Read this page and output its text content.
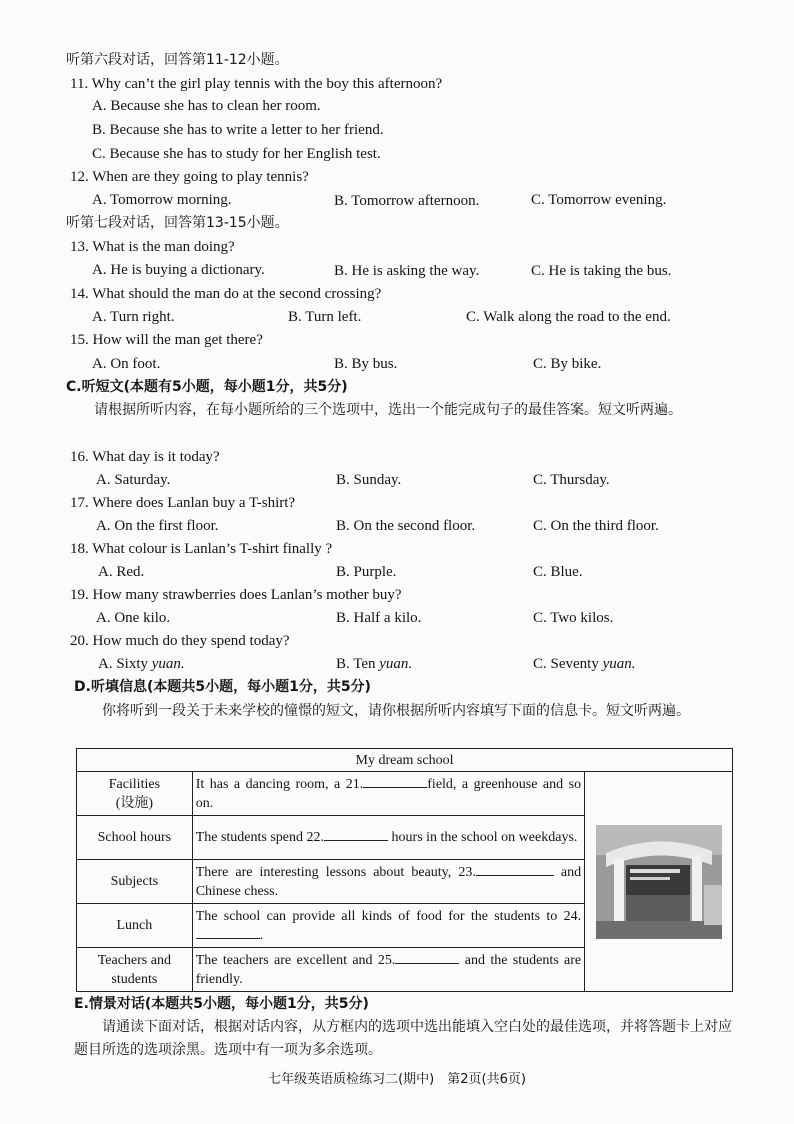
听第六段对话，回答第11-12小题。
11. Why can’t the girl play tennis with the boy this afternoon?
A. Because she has to clean her room.
B. Because she has to write a letter to her friend.
C. Because she has to study for her English test.
12. When are they going to play tennis?
A. Tomorrow morning.	B. Tomorrow afternoon.	C. Tomorrow evening.
听第七段对话，回答第13-15小题。
13. What is the man doing?
A. He is buying a dictionary.	B. He is asking the way.	C. He is taking the bus.
14. What should the man do at the second crossing?
A. Turn right.	B. Turn left.	C. Walk along the road to the end.
15. How will the man get there?
A. On foot.	B. By bus.	C. By bike.
C.听短文(本题有5小题，每小题1分，共5分)
请根据所听内容，在每小题所给的三个选项中，选出一个能完成句子的最佳答案。短文听两遍。
16. What day is it today?
A. Saturday.	B. Sunday.	C. Thursday.
17. Where does Lanlan buy a T-shirt?
A. On the first floor.	B. On the second floor.	C. On the third floor.
18. What colour is Lanlan’s T-shirt finally ?
A. Red.	B. Purple.	C. Blue.
19. How many strawberries does Lanlan’s mother buy?
A. One kilo.	B. Half a kilo.	C. Two kilos.
20. How much do they spend today?
A. Sixty yuan.	B. Ten yuan.	C. Seventy yuan.
D.听填信息(本题共5小题，每小题1分，共5分)
你将听到一段关于未来学校的憧憬的短文，请你根据所听内容填写下面的信息卡。短文听两遍。
My dream school		
Facilities
(设施)	It has a dancing room, a 21. field, a greenhouse and so on.	

School hours	The students spend 22. hours in the school on weekdays.	
Subjects	There are interesting lessons about beauty, 23. and Chinese chess.	
Lunch	The school can provide all kinds of food for the students to 24. .	
Teachers and students	The teachers are excellent and 25. and the students are friendly.	
E.情景对话(本题共5小题，每小题1分，共5分)
请通读下面对话，根据对话内容，从方框内的选项中选出能填入空白处的最佳选项，并将答题卡上对应题目所选的选项涂黑。选项中有一项为多余选项。
七年级英语质检练习二(期中)　第2页(共6页)
